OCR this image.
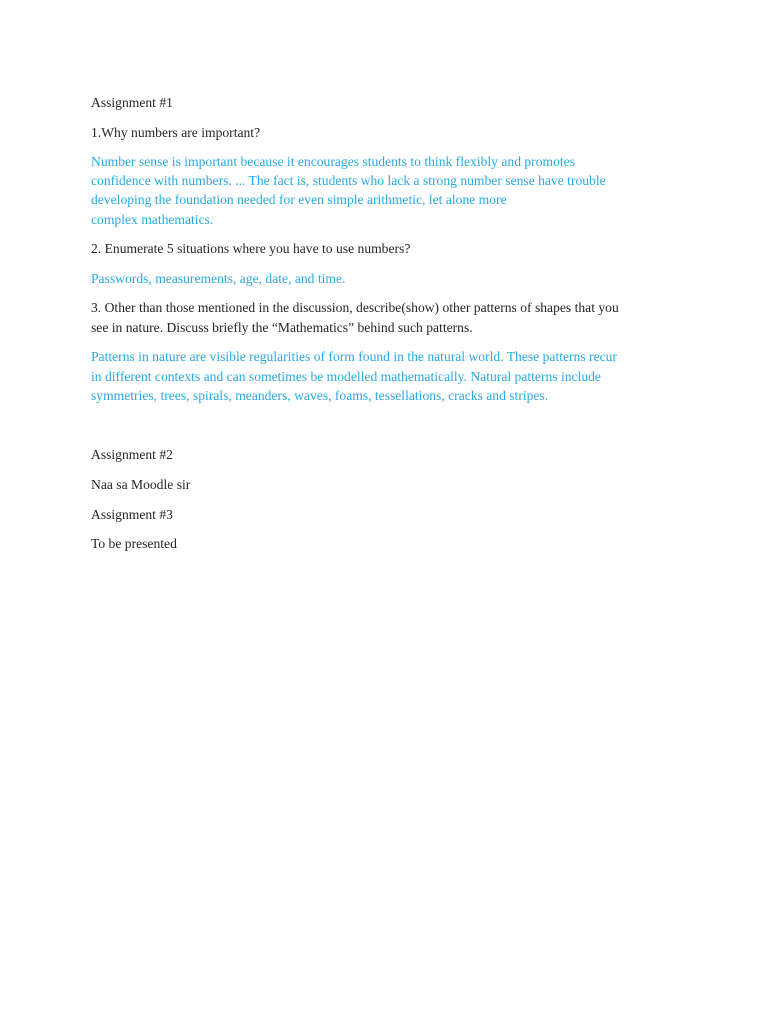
Assignment #1

1.Why numbers are important?

Number sense is important because it encourages students to think flexibly and promotes

confidence with numbers. ... The fact is, students who lack a strong number sense have trouble

developing the foundation needed for even simple arithmetic, let alone more

complex mathematics.

2. Enumerate 5 situations where you have to use numbers?

Passwords, measurements, age, date, and time.

3. Other than those mentioned in the discussion, describe(show) other patterns of shapes that you

see in nature. Discuss briefly the “Mathematics” behind such patterns.

Patterns in nature are visible regularities of form found in the natural world. These patterns recur

in different contexts and can sometimes be modelled mathematically. Natural patterns include

symmetries, trees, spirals, meanders, waves, foams, tessellations, cracks and stripes.

Assignment #2

Naa sa Moodle sir

Assignment #3

To be presented
